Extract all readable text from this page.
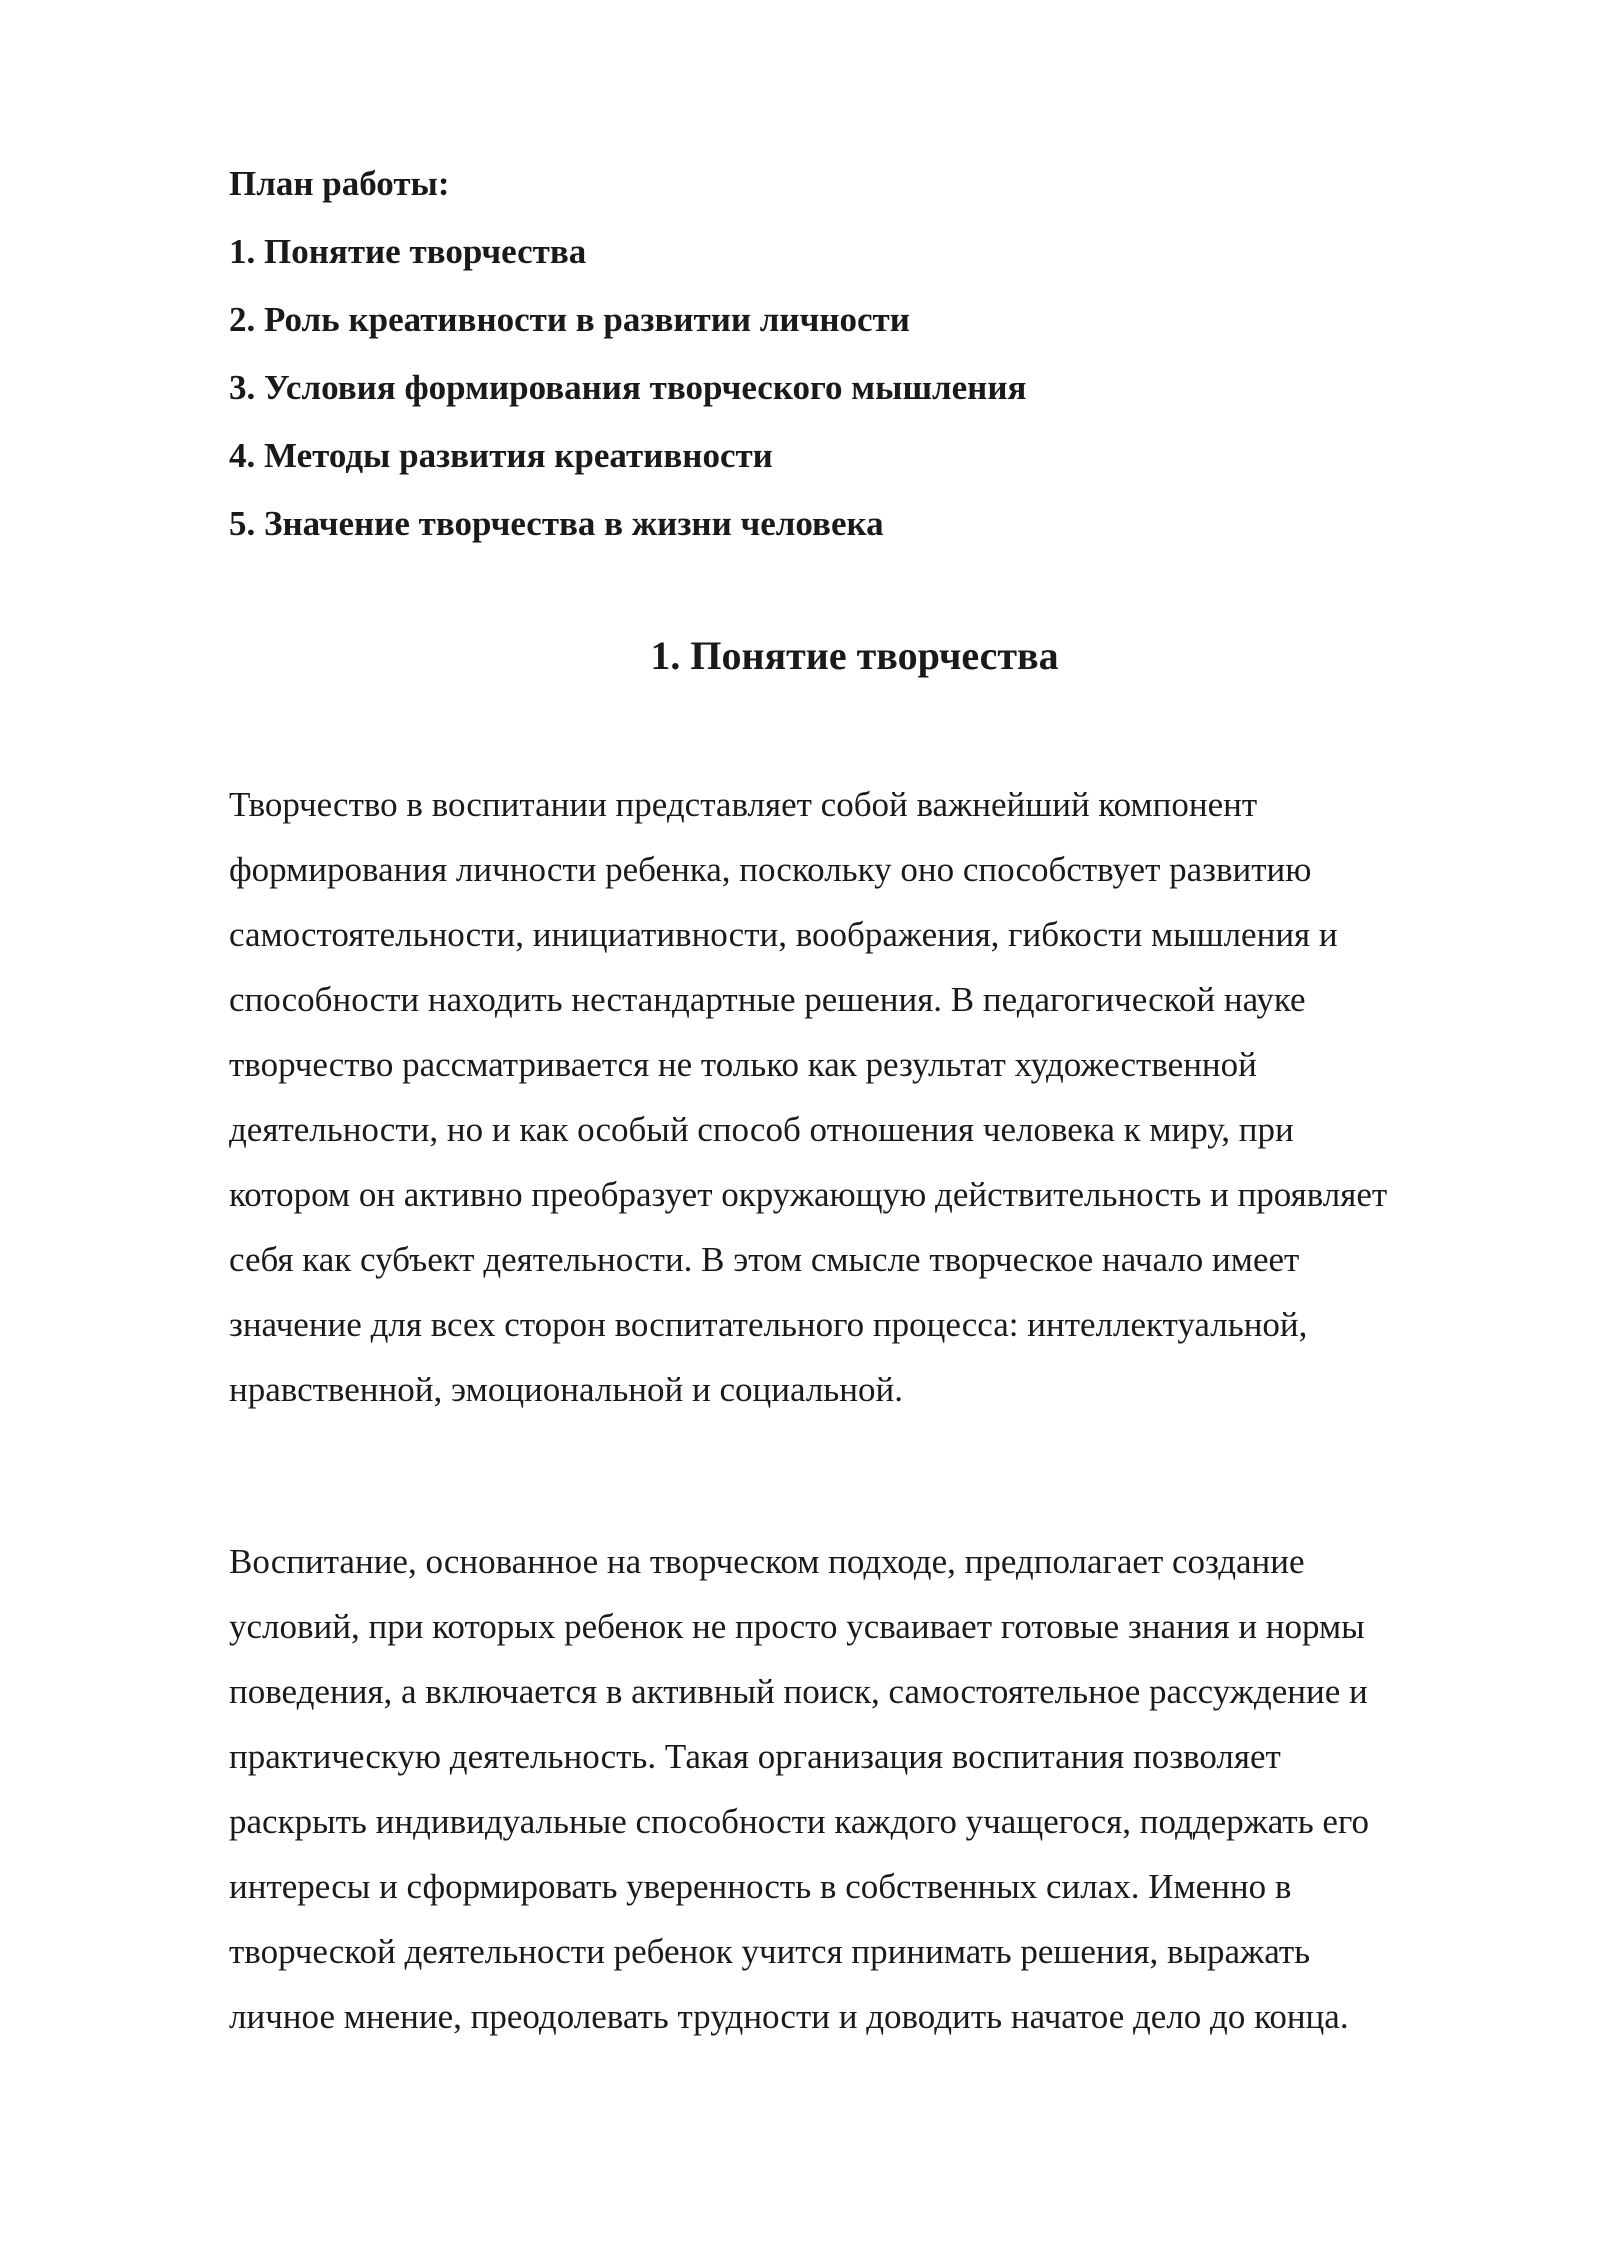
План работы:
1. Понятие творчества
2. Роль креативности в развитии личности
3. Условия формирования творческого мышления
4. Методы развития креативности
5. Значение творчества в жизни человека
1. Понятие творчества

Творчество в воспитании представляет собой важнейший компонент
формирования личности ребенка, поскольку оно способствует развитию
самостоятельности, инициативности, воображения, гибкости мышления и
способности находить нестандартные решения. В педагогической науке
творчество рассматривается не только как результат художественной
деятельности, но и как особый способ отношения человека к миру, при
котором он активно преобразует окружающую действительность и проявляет
себя как субъект деятельности. В этом смысле творческое начало имеет
значение для всех сторон воспитательного процесса: интеллектуальной,
нравственной, эмоциональной и социальной.

Воспитание, основанное на творческом подходе, предполагает создание
условий, при которых ребенок не просто усваивает готовые знания и нормы
поведения, а включается в активный поиск, самостоятельное рассуждение и
практическую деятельность. Такая организация воспитания позволяет
раскрыть индивидуальные способности каждого учащегося, поддержать его
интересы и сформировать уверенность в собственных силах. Именно в
творческой деятельности ребенок учится принимать решения, выражать
личное мнение, преодолевать трудности и доводить начатое дело до конца.
